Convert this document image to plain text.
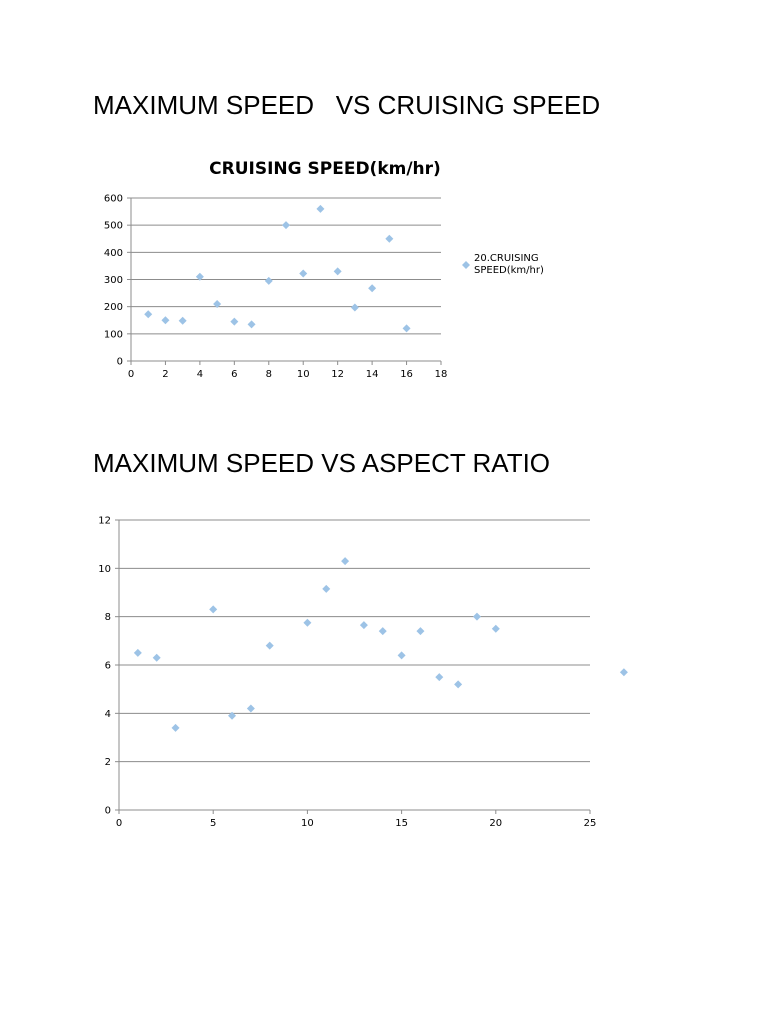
MAXIMUM SPEED   VS CRUISING SPEED
MAXIMUM SPEED VS ASPECT RATIO
CRUISING SPEED(km/hr)
0
100
200
300
400
500
600
0	2	4	6	8 10 12 14 16 18
20.CRUISING SPEED(km/hr)
0
2
4
6
8
10
12
0	5	10	15	20	25
